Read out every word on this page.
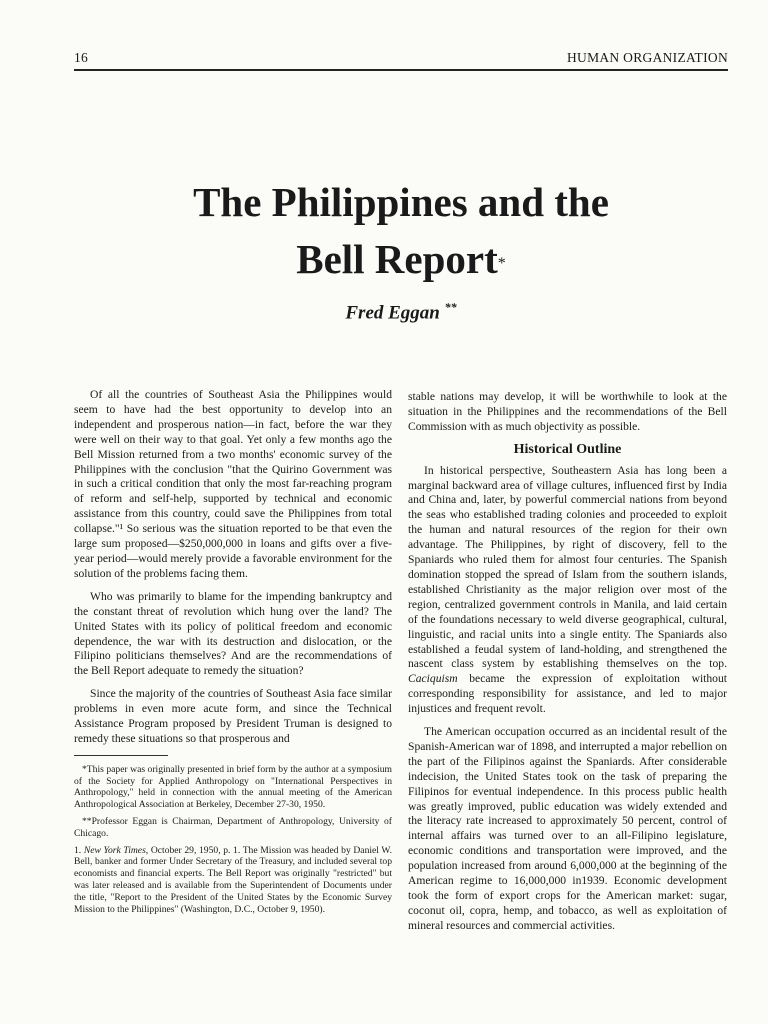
16	HUMAN ORGANIZATION
The Philippines and the
Bell Report*
Fred Eggan **

Of all the countries of Southeast Asia the Philippines would seem to have had the best opportunity to develop into an independent and prosperous nation—in fact, before the war they were well on their way to that goal. Yet only a few months ago the Bell Mission returned from a two months' economic survey of the Philippines with the conclusion "that the Quirino Government was in such a critical condition that only the most far-reaching program of reform and self-help, supported by technical and economic assistance from this country, could save the Philippines from total collapse."¹ So serious was the situation reported to be that even the large sum proposed—$250,000,000 in loans and gifts over a five-year period—would merely provide a favorable environment for the solution of the problems facing them.

Who was primarily to blame for the impending bankruptcy and the constant threat of revolution which hung over the land? The United States with its policy of political freedom and economic dependence, the war with its destruction and dislocation, or the Filipino politicians themselves? And are the recommendations of the Bell Report adequate to remedy the situation?

Since the majority of the countries of Southeast Asia face similar problems in even more acute form, and since the Technical Assistance Program proposed by President Truman is designed to remedy these situations so that prosperous and

*This paper was originally presented in brief form by the author at a symposium of the Society for Applied Anthropology on "International Perspectives in Anthropology," held in connection with the annual meeting of the American Anthropological Association at Berkeley, December 27-30, 1950.

**Professor Eggan is Chairman, Department of Anthropology, University of Chicago.

1. New York Times, October 29, 1950, p. 1. The Mission was headed by Daniel W. Bell, banker and former Under Secretary of the Treasury, and included several top economists and financial experts. The Bell Report was originally "restricted" but was later released and is available from the Superintendent of Documents under the title, "Report to the President of the United States by the Economic Survey Mission to the Philippines" (Washington, D.C., October 9, 1950).

stable nations may develop, it will be worthwhile to look at the situation in the Philippines and the recommendations of the Bell Commission with as much objectivity as possible.

Historical Outline

In historical perspective, Southeastern Asia has long been a marginal backward area of village cultures, influenced first by India and China and, later, by powerful commercial nations from beyond the seas who established trading colonies and proceeded to exploit the human and natural resources of the region for their own advantage. The Philippines, by right of discovery, fell to the Spaniards who ruled them for almost four centuries. The Spanish domination stopped the spread of Islam from the southern islands, established Christianity as the major religion over most of the region, centralized government controls in Manila, and laid certain of the foundations necessary to weld diverse geographical, cultural, linguistic, and racial units into a single entity. The Spaniards also established a feudal system of land-holding, and strengthened the nascent class system by establishing themselves on the top. Caciquism became the expression of exploitation without corresponding responsibility for assistance, and led to major injustices and frequent revolt.

The American occupation occurred as an incidental result of the Spanish-American war of 1898, and interrupted a major rebellion on the part of the Filipinos against the Spaniards. After considerable indecision, the United States took on the task of preparing the Filipinos for eventual independence. In this process public health was greatly improved, public education was widely extended and the literacy rate increased to approximately 50 percent, control of internal affairs was turned over to an all-Filipino legislature, economic conditions and transportation were improved, and the population increased from around 6,000,000 at the beginning of the American regime to 16,000,000 in1939. Economic development took the form of export crops for the American market: sugar, coconut oil, copra, hemp, and tobacco, as well as exploitation of mineral resources and commercial activities.
